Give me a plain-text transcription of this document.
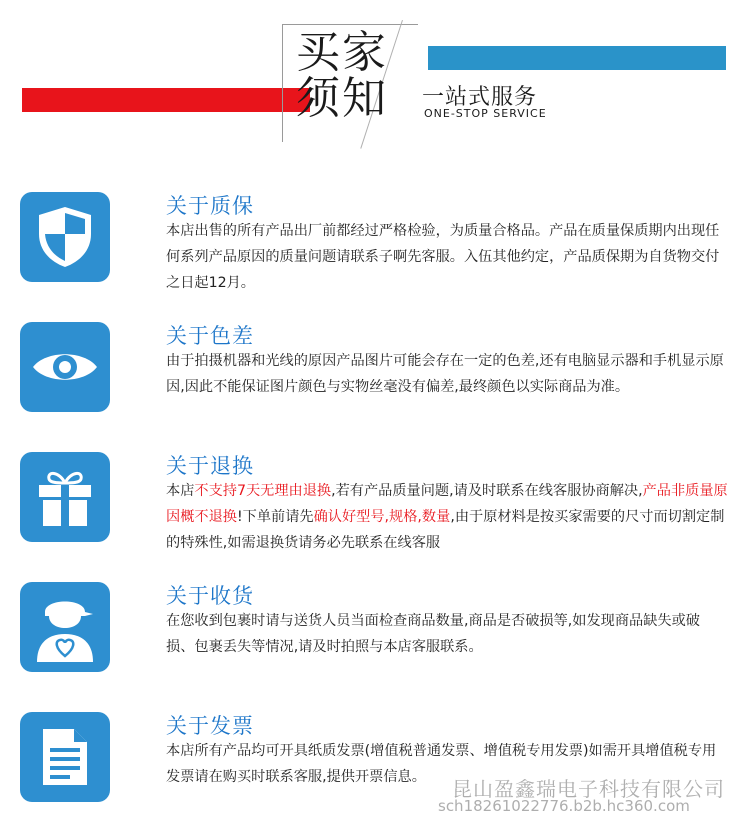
买家
须知	一站式服务
ONE-STOP SERVICE
关于质保
本店出售的所有产品出厂前都经过严格检验，为质量合格品。产品在质量保质期内出现任何系列产品原因的质量问题请联系子啊先客服。入伍其他约定，产品质保期为自货物交付之日起12月。
关于色差
由于拍摄机器和光线的原因产品图片可能会存在一定的色差,还有电脑显示器和手机显示原因,因此不能保证图片颜色与实物丝毫没有偏差,最终颜色以实际商品为准。
关于退换
本店不支持7天无理由退换,若有产品质量问题,请及时联系在线客服协商解决,产品非质量原因概不退换!下单前请先确认好型号,规格,数量,由于原材料是按买家需要的尺寸而切割定制的特殊性,如需退换货请务必先联系在线客服
关于收货
在您收到包裹时请与送货人员当面检查商品数量,商品是否破损等,如发现商品缺失或破损、包裹丢失等情况,请及时拍照与本店客服联系。
关于发票
本店所有产品均可开具纸质发票(增值税普通发票、增值税专用发票)如需开具增值税专用发票请在购买时联系客服,提供开票信息。	昆山盈鑫瑞电子科技有限公司
sch18261022776.b2b.hc360.com
